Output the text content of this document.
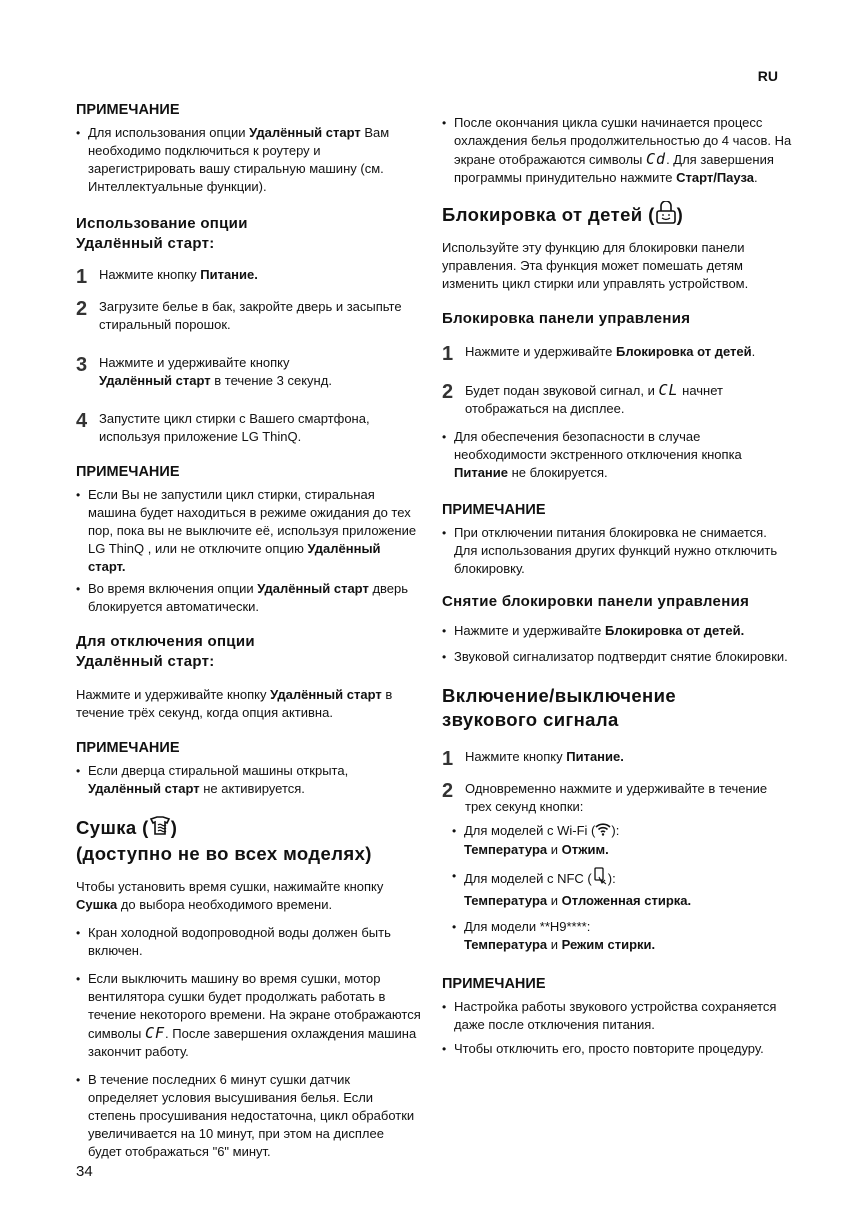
RU
ПРИМЕЧАНИЕ
• Для использования опции Удалённый старт Вам необходимо подключиться к роутеру и зарегистрировать вашу стиральную машину (см. Интеллектуальные функции).
Использование опции
Удалённый старт:
1 Нажмите кнопку Питание.
2 Загрузите белье в бак, закройте дверь и засыпьте стиральный порошок.
3 Нажмите и удерживайте кнопку
Удалённый старт в течение 3 секунд.
4 Запустите цикл стирки с Вашего смартфона, используя приложение LG ThinQ.
ПРИМЕЧАНИЕ
• Если Вы не запустили цикл стирки, стиральная машина будет находиться в режиме ожидания до тех пор, пока вы не выключите её, используя приложение LG ThinQ , или не отключите опцию Удалённый старт.
• Во время включения опции Удалённый старт дверь блокируется автоматически.
Для отключения опции
Удалённый старт:
Нажмите и удерживайте кнопку Удалённый старт в течение трёх секунд, когда опция активна.
ПРИМЕЧАНИЕ
• Если дверца стиральной машины открыта, Удалённый старт не активируется.
Сушка ( )
(доступно не во всех моделях)
Чтобы установить время сушки, нажимайте кнопку Сушка до выбора необходимого времени.
• Кран холодной водопроводной воды должен быть включен.
• Если выключить машину во время сушки, мотор вентилятора сушки будет продолжать работать в течение некоторого времени. На экране отображаются символы CF. После завершения охлаждения машина закончит работу.
• В течение последних 6 минут сушки датчик определяет условия высушивания белья. Если степень просушивания недостаточна, цикл обработки увеличивается на 10 минут, при этом на дисплее будет отображаться "6" минут.
34
• После окончания цикла сушки начинается процесс охлаждения белья продолжительностью до 4 часов. На экране отображаются символы Cd. Для завершения программы принудительно нажмите Старт/Пауза.
Блокировка от детей ( )
Используйте эту функцию для блокировки панели управления. Эта функция может помешать детям изменить цикл стирки или управлять устройством.
Блокировка панели управления
1 Нажмите и удерживайте Блокировка от детей.
2 Будет подан звуковой сигнал, и CL начнет отображаться на дисплее.
• Для обеспечения безопасности в случае необходимости экстренного отключения кнопка Питание не блокируется.
ПРИМЕЧАНИЕ
• При отключении питания блокировка не снимается. Для использования других функций нужно отключить блокировку.
Снятие блокировки панели управления
• Нажмите и удерживайте Блокировка от детей.
• Звуковой сигнализатор подтвердит снятие блокировки.
Включение/выключение
звукового сигнала
1 Нажмите кнопку Питание.
2 Одновременно нажмите и удерживайте в течение трех секунд кнопки:
• Для моделей с Wi-Fi ( ):
Температура и Отжим.
• Для моделей с NFC ( ):
Температура и Отложенная стирка.
• Для модели **H9****:
Температура и Режим стирки.
ПРИМЕЧАНИЕ
• Настройка работы звукового устройства сохраняется даже после отключения питания.
• Чтобы отключить его, просто повторите процедуру.
